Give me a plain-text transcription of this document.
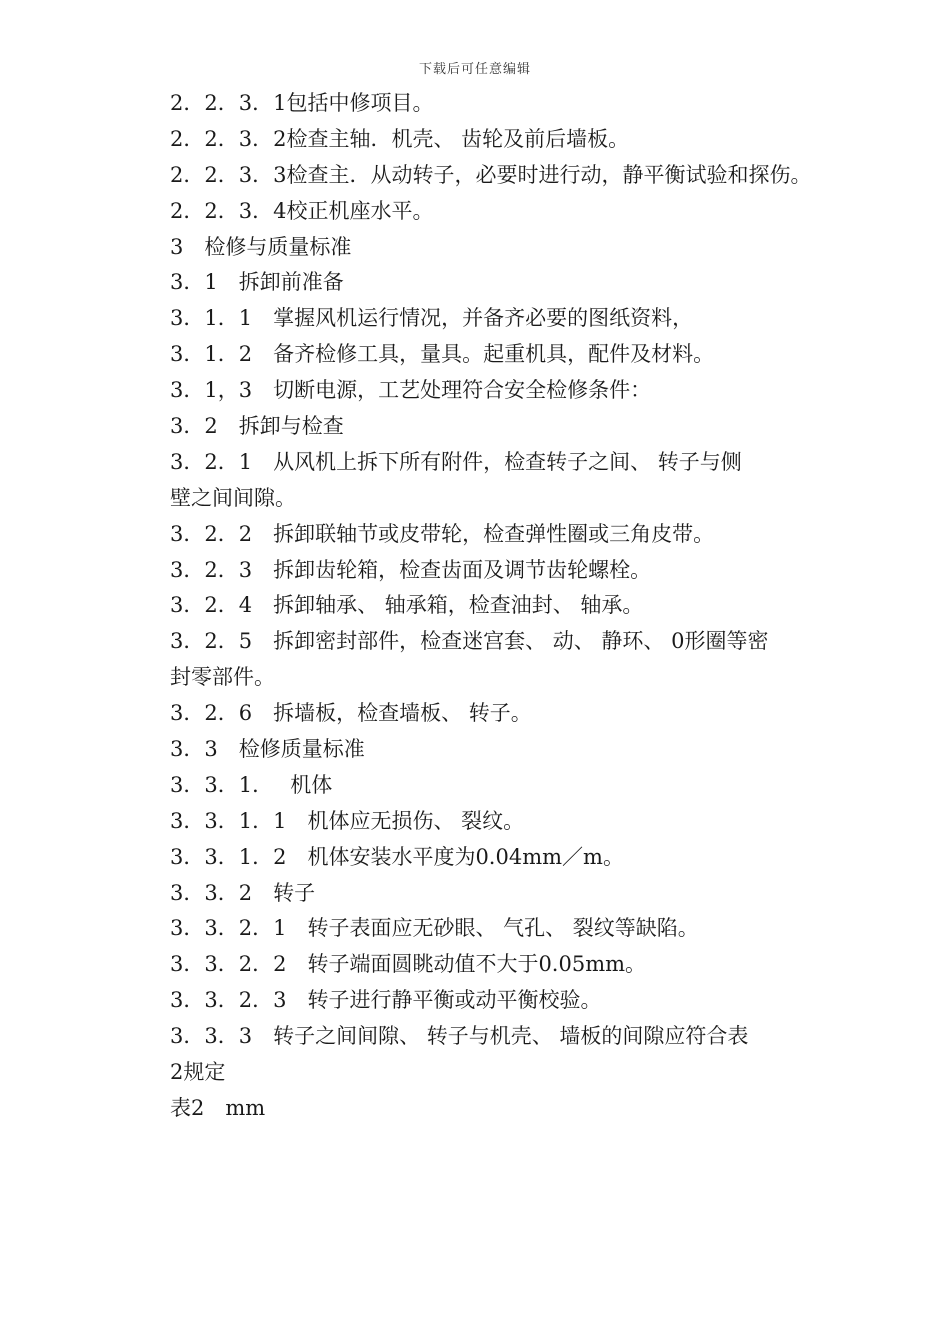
下载后可任意编辑
2．2．3．1包括中修项目。
2．2．3．2检查主轴．机壳、 齿轮及前后墙板。
2．2．3．3检查主．从动转子，必要时进行动，静平衡试验和探伤。
2．2．3．4校正机座水平。
3　检修与质量标准
3．1　拆卸前准备
3．1．1　掌握风机运行情况，并备齐必要的图纸资料，
3．1．2　备齐检修工具，量具。起重机具，配件及材料。
3．1，3　切断电源，工艺处理符合安全检修条件：
3．2　拆卸与检查
3．2．1　从风机上拆下所有附件，检查转子之间、 转子与侧
壁之间间隙。
3．2．2　拆卸联轴节或皮带轮，检查弹性圈或三角皮带。
3．2．3　拆卸齿轮箱，检查齿面及调节齿轮螺栓。
3．2．4　拆卸轴承、 轴承箱，检查油封、 轴承。
3．2．5　拆卸密封部件，检查迷宫套、 动、 静环、 0形圈等密
封零部件。
3．2．6　拆墙板，检查墙板、 转子。
3．3　检修质量标准
3．3．1．　 机体
3．3．1．1　机体应无损伤、 裂纹。
3．3．1．2　机体安装水平度为0.04mm／m。
3．3．2　转子
3．3．2．1　转子表面应无砂眼、 气孔、 裂纹等缺陷。
3．3．2．2　转子端面圆眺动值不大于0.05mm。
3．3．2．3　转子进行静平衡或动平衡校验。
3．3．3　转子之间间隙、 转子与机壳、 墙板的间隙应符合表
2规定
表2　mm
